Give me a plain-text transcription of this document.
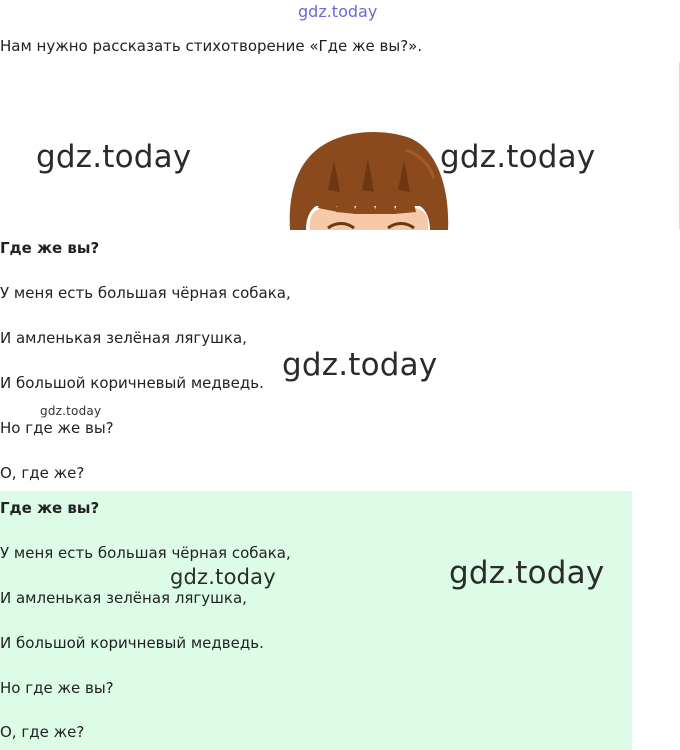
gdz.today
gdz.today	gdz.today
gdz.today
gdz.today
gdz.today	gdz.today
Нам нужно рассказать стихотворение «Где же вы?».
Где же вы?
У меня есть большая чёрная собака,
И амленькая зелёная лягушка,
И большой коричневый медведь.
Но где же вы?
О, где же?
Где же вы?
У меня есть большая чёрная собака,
И амленькая зелёная лягушка,
И большой коричневый медведь.
Но где же вы?
О, где же?
